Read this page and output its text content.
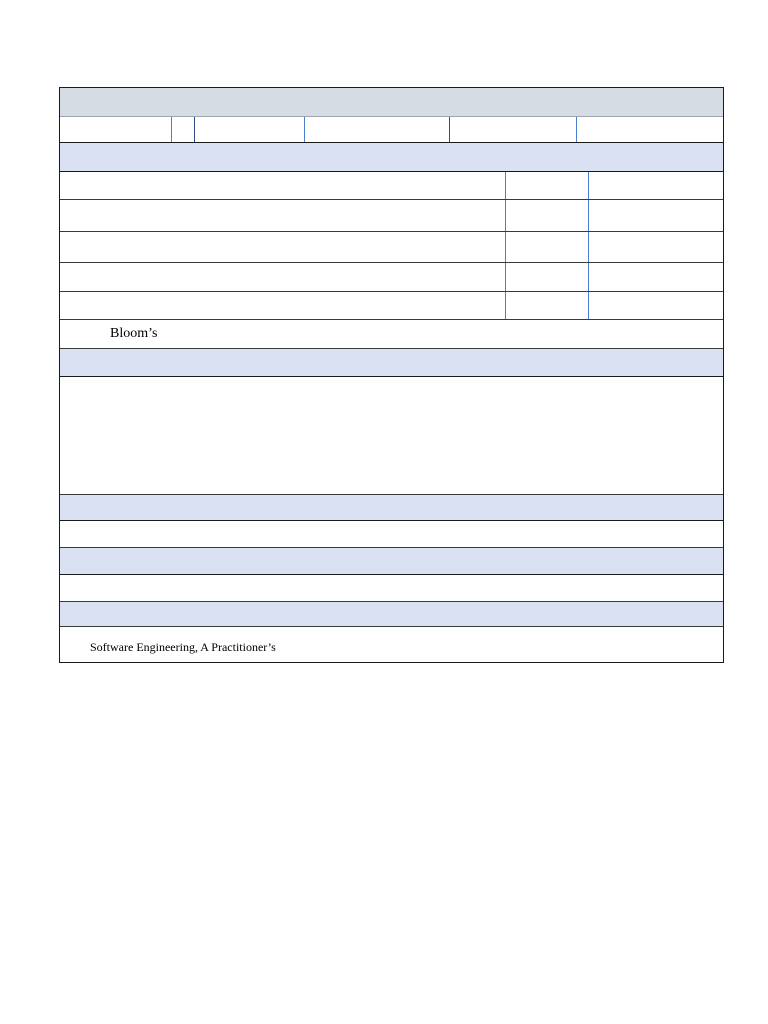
Bloom’s
Software Engineering, A Practitioner’s
